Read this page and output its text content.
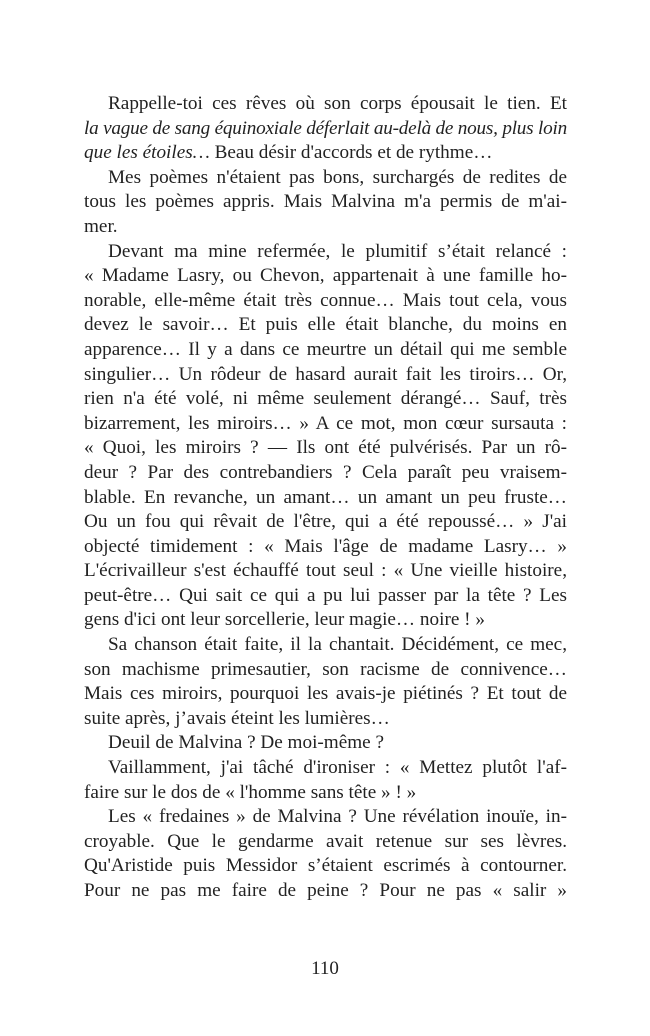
Rappelle-toi ces rêves où son corps épousait le tien. Et
la vague de sang équinoxiale déferlait au-delà de nous, plus loin
que les étoiles… Beau désir d'accords et de rythme…
Mes poèmes n'étaient pas bons, surchargés de redites de
tous les poèmes appris. Mais Malvina m'a permis de m'ai-
mer.
Devant ma mine refermée, le plumitif s’était relancé :
« Madame Lasry, ou Chevon, appartenait à une famille ho-
norable, elle-même était très connue… Mais tout cela, vous
devez le savoir… Et puis elle était blanche, du moins en
apparence… Il y a dans ce meurtre un détail qui me semble
singulier… Un rôdeur de hasard aurait fait les tiroirs… Or,
rien n'a été volé, ni même seulement dérangé… Sauf, très
bizarrement, les miroirs… » A ce mot, mon cœur sursauta :
« Quoi, les miroirs ? — Ils ont été pulvérisés. Par un rô-
deur ? Par des contrebandiers ? Cela paraît peu vraisem-
blable. En revanche, un amant… un amant un peu fruste…
Ou un fou qui rêvait de l'être, qui a été repoussé… » J'ai
objecté timidement : « Mais l'âge de madame Lasry… »
L'écrivailleur s'est échauffé tout seul : « Une vieille histoire,
peut-être… Qui sait ce qui a pu lui passer par la tête ? Les
gens d'ici ont leur sorcellerie, leur magie… noire ! »
Sa chanson était faite, il la chantait. Décidément, ce mec,
son machisme primesautier, son racisme de connivence…
Mais ces miroirs, pourquoi les avais-je piétinés ? Et tout de
suite après, j’avais éteint les lumières…
Deuil de Malvina ? De moi-même ?
Vaillamment, j'ai tâché d'ironiser : « Mettez plutôt l'af-
faire sur le dos de « l'homme sans tête » ! »
Les « fredaines » de Malvina ? Une révélation inouïe, in-
croyable. Que le gendarme avait retenue sur ses lèvres.
Qu'Aristide puis Messidor s’étaient escrimés à contourner.
Pour ne pas me faire de peine ? Pour ne pas « salir »
110
